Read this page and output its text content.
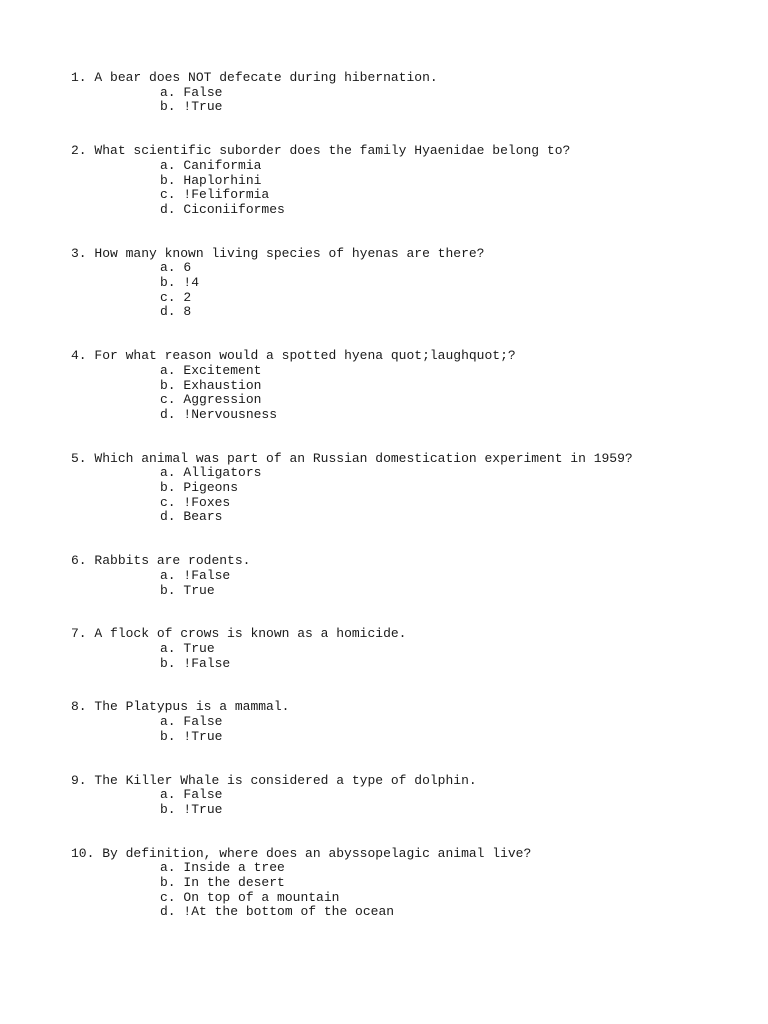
1. A bear does NOT defecate during hibernation.
a. False
b. !True
2. What scientific suborder does the family Hyaenidae belong to?
a. Caniformia
b. Haplorhini
c. !Feliformia
d. Ciconiiformes
3. How many known living species of hyenas are there?
a. 6
b. !4
c. 2
d. 8
4. For what reason would a spotted hyena quot;laughquot;?
a. Excitement
b. Exhaustion
c. Aggression
d. !Nervousness
5. Which animal was part of an Russian domestication experiment in 1959?
a. Alligators
b. Pigeons
c. !Foxes
d. Bears
6. Rabbits are rodents.
a. !False
b. True
7. A flock of crows is known as a homicide.
a. True
b. !False
8. The Platypus is a mammal.
a. False
b. !True
9. The Killer Whale is considered a type of dolphin.
a. False
b. !True
10. By definition, where does an abyssopelagic animal live?
a. Inside a tree
b. In the desert
c. On top of a mountain
d. !At the bottom of the ocean
